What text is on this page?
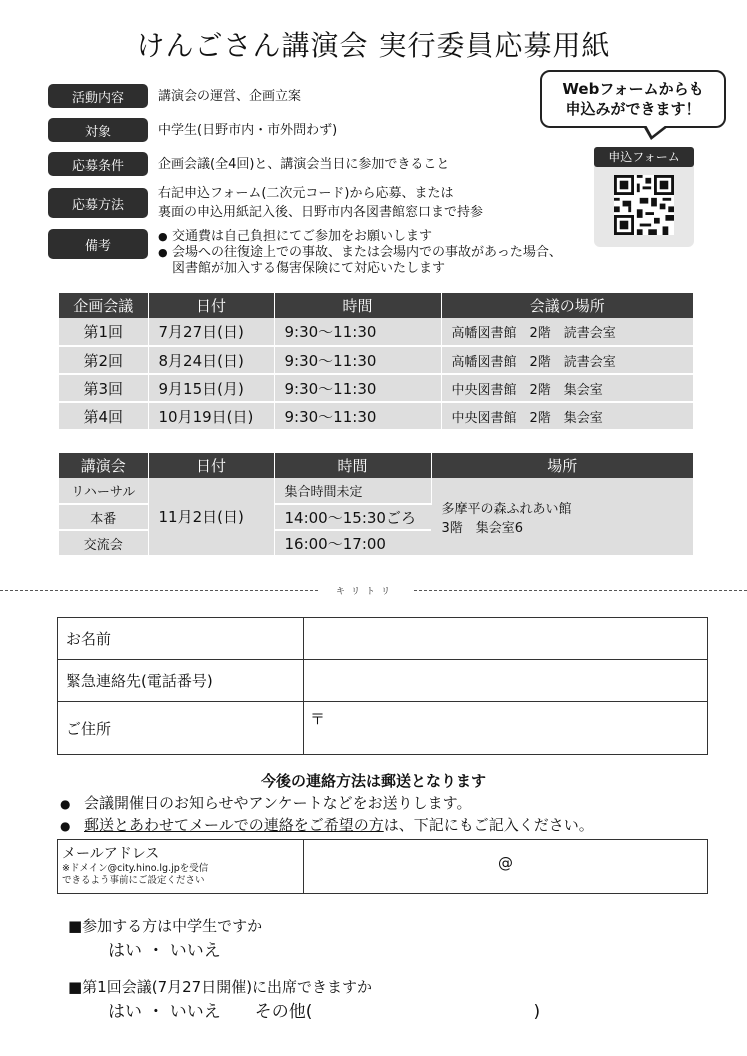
けんごさん講演会 実行委員応募用紙
活動内容	講演会の運営、企画立案
対象	中学生(日野市内・市外問わず)
応募条件	企画会議(全4回)と、講演会当日に参加できること
応募方法
右記申込フォーム(二次元コード)から応募、または
裏面の申込用紙記入後、日野市内各図書館窓口まで持参
備考
● 交通費は自己負担にてご参加をお願いします
● 会場への往復途上での事故、または会場内での事故があった場合、
図書館が加入する傷害保険にて対応いたします
Webフォームからも
申込みができます！
申込フォーム
企画会議	日付	時間	会議の場所
第1回	7月27日(日)	9:30～11:30	高幡図書館　2階　読書会室
第2回	8月24日(日)	9:30～11:30	高幡図書館　2階　読書会室
第3回	9月15日(月)	9:30～11:30	中央図書館　2階　集会室
第4回	10月19日(日)	9:30～11:30	中央図書館　2階　集会室
講演会	日付	時間	場所
リハーサル	11月2日(日)	集合時間未定	多摩平の森ふれあい館
3階　集会室6

本番		14:00～15:30ごろ	
交流会		16:00～17:00	
キリトリ
お名前	
緊急連絡先(電話番号)	
ご住所	〒
今後の連絡方法は郵送となります
● 会議開催日のお知らせやアンケートなどをお送りします。
● 郵送とあわせてメールでの連絡をご希望の方は、下記にもご記入ください。
メールアドレス
※ドメイン@city.hino.lg.jpを受信
できるよう事前にご設定ください
	@
■参加する方は中学生ですか
はい ・ いいえ
■第1回会議(7月27日開催)に出席できますか
はい ・ いいえ　　その他(　　　　　　　　　　　　　)
